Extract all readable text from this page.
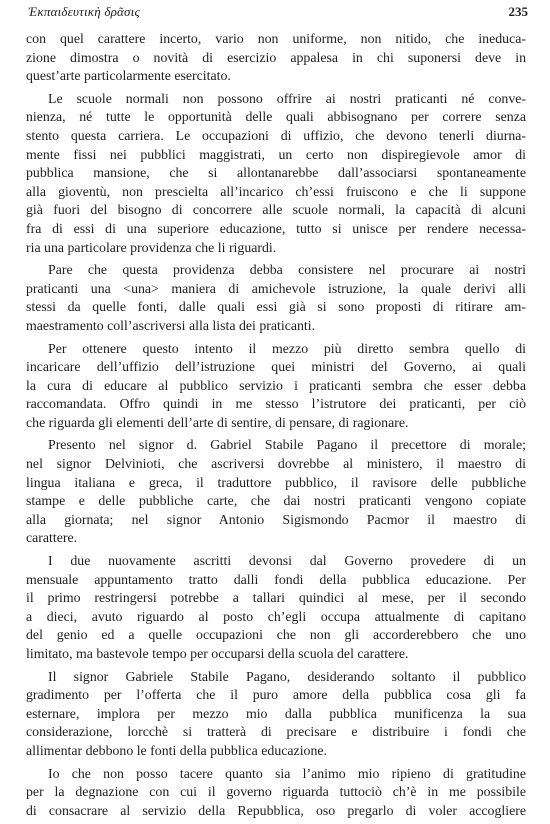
Ἐκπαιδευτικὴ δρᾶσις	235

con quel carattere incerto, vario non uniforme, non nitido, che ineduca-
zione dimostra o novità di esercizio appalesa in chi suponersi deve in
quest’arte particolarmente esercitato.

Le scuole normali non possono offrire ai nostri praticanti né conve-
nienza, né tutte le opportunità delle quali abbisognano per correre senza
stento questa carriera. Le occupazioni di uffizio, che devono tenerli diurna-
mente fissi nei pubblici maggistrati, un certo non dispiregievole amor di
pubblica mansione, che si allontanarebbe dall’associarsi spontaneamente
alla gioventù, non prescielta all’incarico ch’essi fruiscono e che li suppone
già fuori del bisogno di concorrere alle scuole normali, la capacità di alcuni
fra di essi di una superiore educazione, tutto si unisce per rendere necessa-
ria una particolare providenza che li riguardi.

Pare che questa providenza debba consistere nel procurare ai nostri
praticanti una <una> maniera di amichevole istruzione, la quale derivi alli
stessi da quelle fonti, dalle quali essi già si sono proposti di ritirare am-
maestramento coll’ascriversi alla lista dei praticanti.

Per ottenere questo intento il mezzo più diretto sembra quello di
incaricare dell’uffizio dell’istruzione quei ministri del Governo, ai quali
la cura di educare al pubblico servizio i praticanti sembra che esser debba
raccomandata. Offro quindi in me stesso l’istrutore dei praticanti, per ciò
che riguarda gli elementi dell’arte di sentire, di pensare, di ragionare.

Presento nel signor d. Gabriel Stabile Pagano il precettore di morale;
nel signor Delvinioti, che ascriversi dovrebbe al ministero, il maestro di
lingua italiana e greca, il traduttore pubblico, il ravisore delle pubbliche
stampe e delle pubbliche carte, che dai nostri praticanti vengono copiate
alla giornata; nel signor Antonio Sigismondo Pacmor il maestro di
carattere.

I due nuovamente ascritti devonsi dal Governo provedere di un
mensuale appuntamento tratto dalli fondi della pubblica educazione. Per
il primo restringersi potrebbe a tallari quindici al mese, per il secondo
a dieci, avuto riguardo al posto ch’egli occupa attualmente di capitano
del genio ed a quelle occupazioni che non gli accorderebbero che uno
limitato, ma bastevole tempo per occuparsi della scuola del carattere.

Il signor Gabriele Stabile Pagano, desiderando soltanto il pubblico
gradimento per l’offerta che il puro amore della pubblica cosa gli fa
esternare, implora per mezzo mio dalla pubblica munificenza la sua
considerazione, lorcchè si tratterà di precisare e distribuire i fondi che
allimentar debbono le fonti della pubblica educazione.

Io che non posso tacere quanto sia l’animo mio ripieno di gratitudine
per la degnazione con cui il governo riguarda tuttociò ch’è in me possibile
di consacrare al servizio della Repubblica, oso pregarlo di voler accogliere
